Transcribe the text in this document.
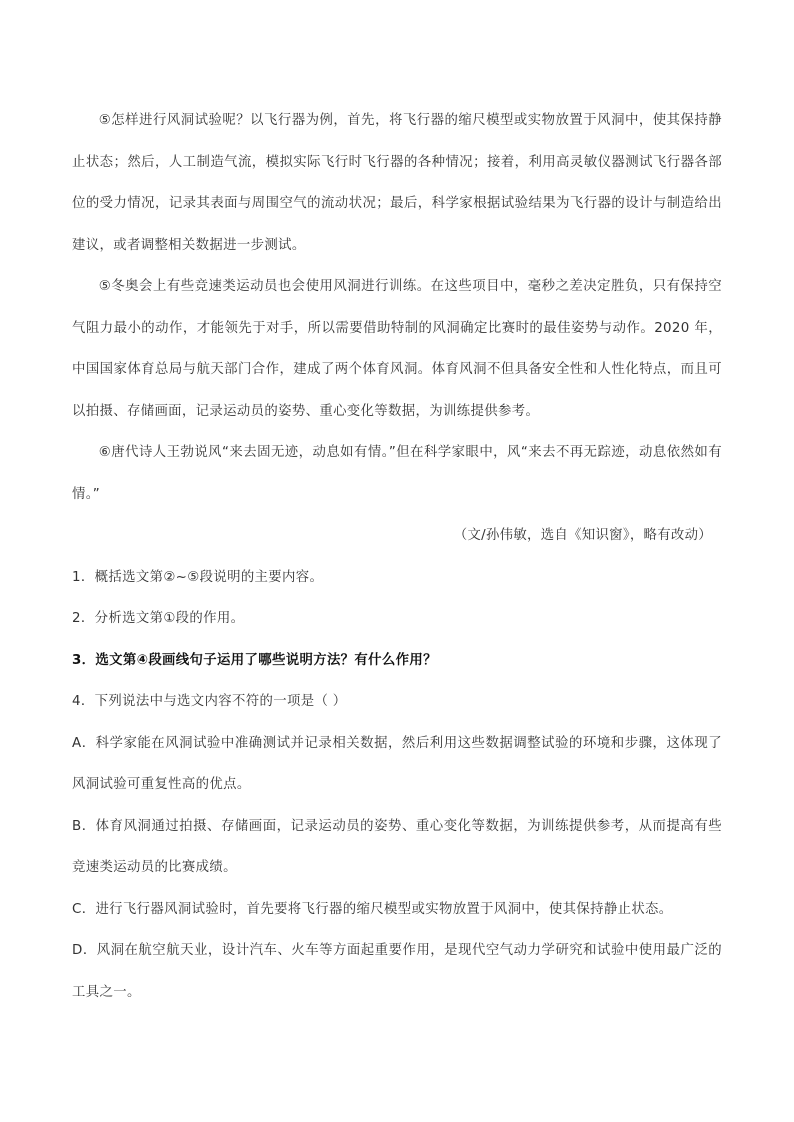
⑤怎样进行风洞试验呢？以飞行器为例，首先，将飞行器的缩尺模型或实物放置于风洞中，使其保持静止状态；然后，人工制造气流，模拟实际飞行时飞行器的各种情况；接着，利用高灵敏仪器测试飞行器各部位的受力情况，记录其表面与周围空气的流动状况；最后，科学家根据试验结果为飞行器的设计与制造给出建议，或者调整相关数据进一步测试。

⑤冬奥会上有些竞速类运动员也会使用风洞进行训练。在这些项目中，毫秒之差决定胜负，只有保持空气阻力最小的动作，才能领先于对手，所以需要借助特制的风洞确定比赛时的最佳姿势与动作。2020 年，中国国家体育总局与航天部门合作，建成了两个体育风洞。体育风洞不但具备安全性和人性化特点，而且可以拍摄、存储画面，记录运动员的姿势、重心变化等数据，为训练提供参考。

⑥唐代诗人王勃说风“来去固无迹，动息如有情。”但在科学家眼中，风“来去不再无踪迹，动息依然如有情。”

（文/孙伟敏，选自《知识窗》，略有改动）

1．概括选文第②~⑤段说明的主要内容。

2．分析选文第①段的作用。

3．选文第④段画线句子运用了哪些说明方法？有什么作用？

4．下列说法中与选文内容不符的一项是（ ）

A．科学家能在风洞试验中准确测试并记录相关数据，然后利用这些数据调整试验的环境和步骤，这体现了风洞试验可重复性高的优点。

B．体育风洞通过拍摄、存储画面，记录运动员的姿势、重心变化等数据，为训练提供参考，从而提高有些竞速类运动员的比赛成绩。

C．进行飞行器风洞试验时，首先要将飞行器的缩尺模型或实物放置于风洞中，使其保持静止状态。

D．风洞在航空航天业，设计汽车、火车等方面起重要作用，是现代空气动力学研究和试验中使用最广泛的工具之一。
